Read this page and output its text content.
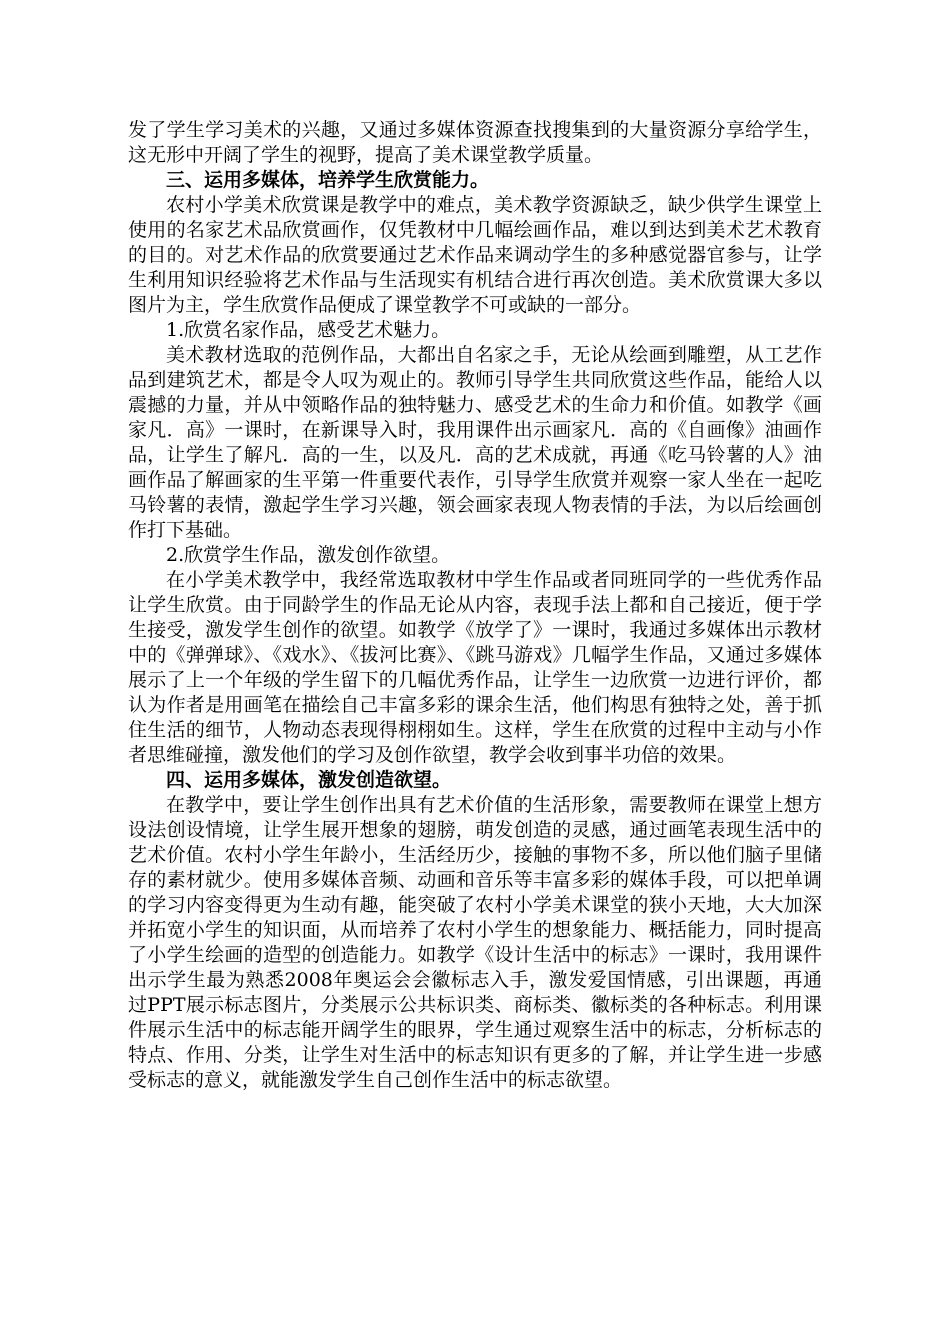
发了学生学习美术的兴趣，又通过多媒体资源查找搜集到的大量资源分享给学生，这无形中开阔了学生的视野，提高了美术课堂教学质量。

三、运用多媒体，培养学生欣赏能力。

农村小学美术欣赏课是教学中的难点，美术教学资源缺乏，缺少供学生课堂上使用的名家艺术品欣赏画作，仅凭教材中几幅绘画作品，难以到达到美术艺术教育的目的。对艺术作品的欣赏要通过艺术作品来调动学生的多种感觉器官参与，让学生利用知识经验将艺术作品与生活现实有机结合进行再次创造。美术欣赏课大多以图片为主，学生欣赏作品便成了课堂教学不可或缺的一部分。

1.欣赏名家作品，感受艺术魅力。

美术教材选取的范例作品，大都出自名家之手，无论从绘画到雕塑，从工艺作品到建筑艺术，都是令人叹为观止的。教师引导学生共同欣赏这些作品，能给人以震撼的力量，并从中领略作品的独特魅力、感受艺术的生命力和价值。如教学《画家凡．高》一课时，在新课导入时，我用课件出示画家凡．高的《自画像》油画作品，让学生了解凡．高的一生，以及凡．高的艺术成就，再通《吃马铃薯的人》油画作品了解画家的生平第一件重要代表作，引导学生欣赏并观察一家人坐在一起吃马铃薯的表情，激起学生学习兴趣，领会画家表现人物表情的手法，为以后绘画创作打下基础。

2.欣赏学生作品，激发创作欲望。

在小学美术教学中，我经常选取教材中学生作品或者同班同学的一些优秀作品让学生欣赏。由于同龄学生的作品无论从内容，表现手法上都和自己接近，便于学生接受，激发学生创作的欲望。如教学《放学了》一课时，我通过多媒体出示教材中的《弹弹球》、《戏水》、《拔河比赛》、《跳马游戏》几幅学生作品，又通过多媒体展示了上一个年级的学生留下的几幅优秀作品，让学生一边欣赏一边进行评价，都认为作者是用画笔在描绘自己丰富多彩的课余生活，他们构思有独特之处，善于抓住生活的细节，人物动态表现得栩栩如生。这样，学生在欣赏的过程中主动与小作者思维碰撞，激发他们的学习及创作欲望，教学会收到事半功倍的效果。

四、运用多媒体，激发创造欲望。

在教学中，要让学生创作出具有艺术价值的生活形象，需要教师在课堂上想方设法创设情境，让学生展开想象的翅膀，萌发创造的灵感，通过画笔表现生活中的艺术价值。农村小学生年龄小，生活经历少，接触的事物不多，所以他们脑子里储存的素材就少。使用多媒体音频、动画和音乐等丰富多彩的媒体手段，可以把单调的学习内容变得更为生动有趣，能突破了农村小学美术课堂的狭小天地，大大加深并拓宽小学生的知识面，从而培养了农村小学生的想象能力、概括能力，同时提高了小学生绘画的造型的创造能力。如教学《设计生活中的标志》一课时，我用课件出示学生最为熟悉2008年奥运会会徽标志入手，激发爱国情感，引出课题，再通过PPT展示标志图片，分类展示公共标识类、商标类、徽标类的各种标志。利用课件展示生活中的标志能开阔学生的眼界，学生通过观察生活中的标志，分析标志的特点、作用、分类，让学生对生活中的标志知识有更多的了解，并让学生进一步感受标志的意义，就能激发学生自己创作生活中的标志欲望。
